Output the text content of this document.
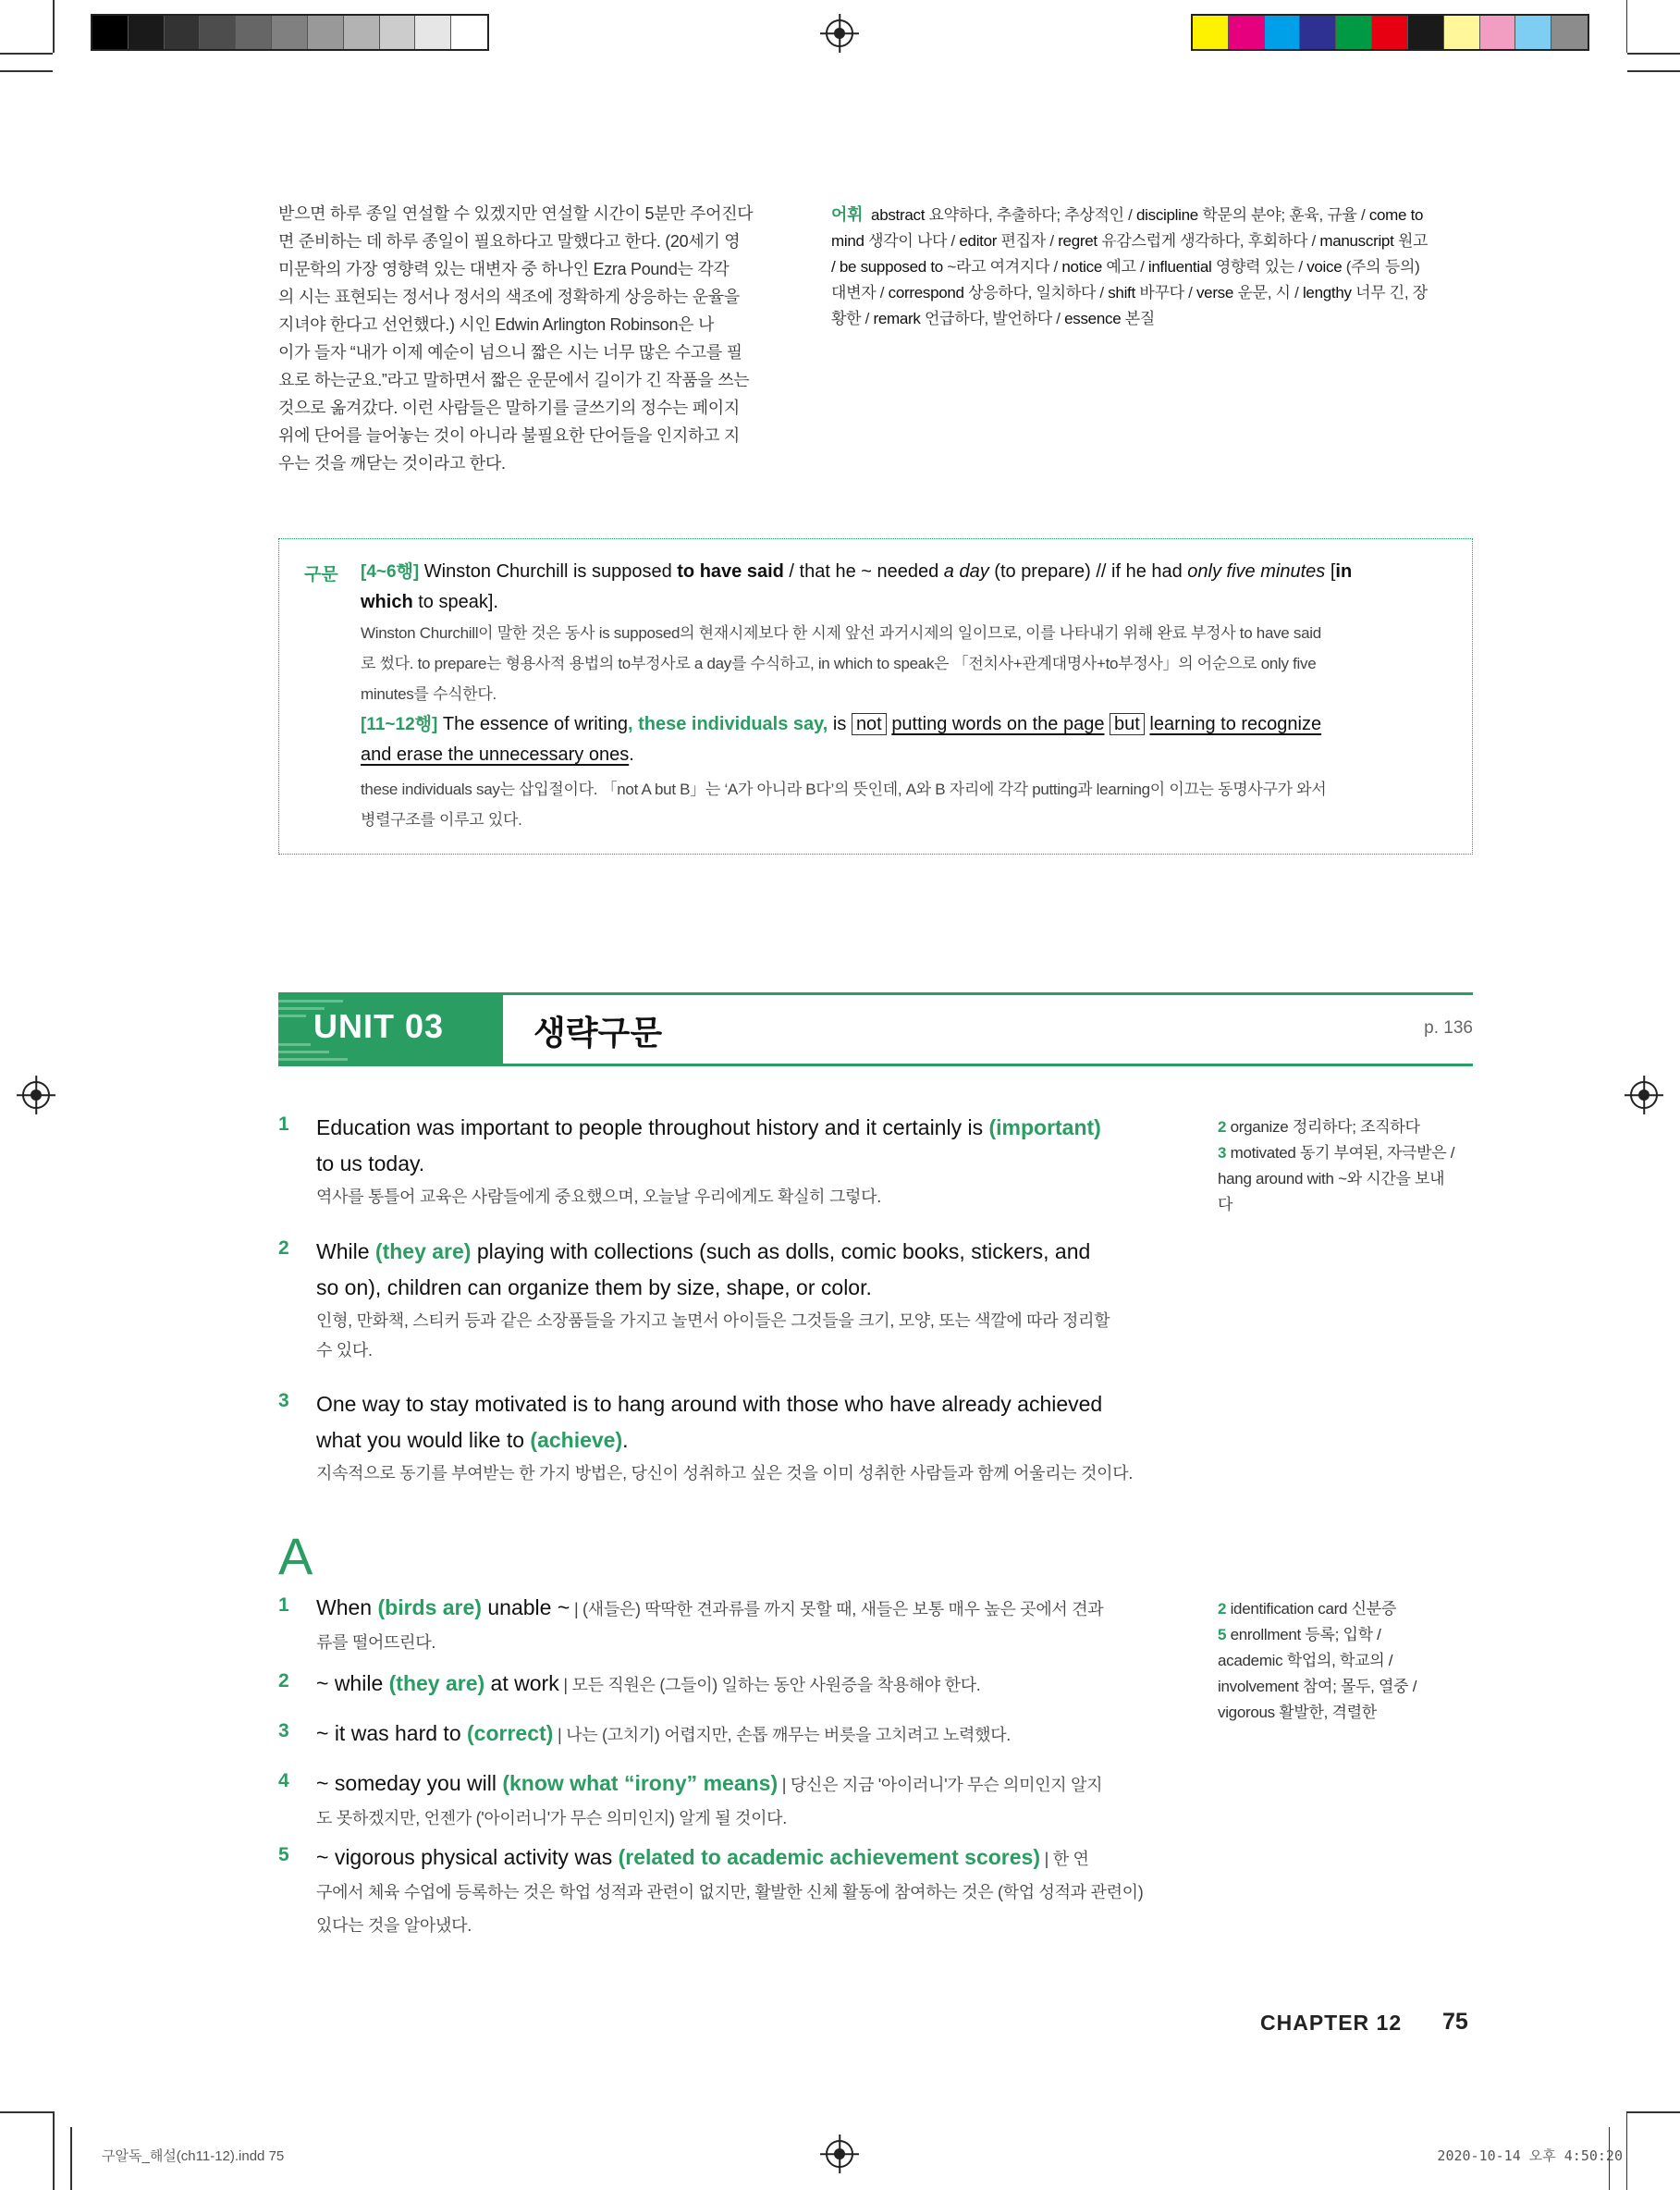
받으면 하루 종일 연설할 수 있겠지만 연설할 시간이 5분만 주어진다
면 준비하는 데 하루 종일이 필요하다고 말했다고 한다. (20세기 영
미문학의 가장 영향력 있는 대변자 중 하나인 Ezra Pound는 각각
의 시는 표현되는 정서나 정서의 색조에 정확하게 상응하는 운율을
지녀야 한다고 선언했다.) 시인 Edwin Arlington Robinson은 나
이가 들자 “내가 이제 예순이 넘으니 짧은 시는 너무 많은 수고를 필
요로 하는군요.”라고 말하면서 짧은 운문에서 길이가 긴 작품을 쓰는
것으로 옮겨갔다. 이런 사람들은 말하기를 글쓰기의 정수는 페이지
위에 단어를 늘어놓는 것이 아니라 불필요한 단어들을 인지하고 지
우는 것을 깨닫는 것이라고 한다.
어휘 abstract 요약하다, 추출하다; 추상적인 / discipline 학문의 분야; 훈육, 규율 / come to
mind 생각이 나다 / editor 편집자 / regret 유감스럽게 생각하다, 후회하다 / manuscript 원고
/ be supposed to ~라고 여겨지다 / notice 예고 / influential 영향력 있는 / voice (주의 등의)
대변자 / correspond 상응하다, 일치하다 / shift 바꾸다 / verse 운문, 시 / lengthy 너무 긴, 장
황한 / remark 언급하다, 발언하다 / essence 본질
구문 [4~6행] Winston Churchill is supposed to have said / that he ~ needed a day (to prepare) // if he had only five minutes [in
which to speak].
Winston Churchill이 말한 것은 동사 is supposed의 현재시제보다 한 시제 앞선 과거시제의 일이므로, 이를 나타내기 위해 완료 부정사 to have said
로 썼다. to prepare는 형용사적 용법의 to부정사로 a day를 수식하고, in which to speak은 「전치사+관계대명사+to부정사」의 어순으로 only five
minutes를 수식한다.
[11~12행] The essence of writing, these individuals say, is not putting words on the page but learning to recognize
and erase the unnecessary ones.
these individuals say는 삽입절이다. 「not A but B」는 ‘A가 아니라 B다’의 뜻인데, A와 B 자리에 각각 putting과 learning이 이끄는 동명사구가 와서
병렬구조를 이루고 있다.
UNIT 03	생략구문	p. 136
1 Education was important to people throughout history and it certainly is (important)
to us today.
역사를 통틀어 교육은 사람들에게 중요했으며, 오늘날 우리에게도 확실히 그렇다.
2 While (they are) playing with collections (such as dolls, comic books, stickers, and
so on), children can organize them by size, shape, or color.
인형, 만화책, 스티커 등과 같은 소장품들을 가지고 놀면서 아이들은 그것들을 크기, 모양, 또는 색깔에 따라 정리할
수 있다.
3 One way to stay motivated is to hang around with those who have already achieved
what you would like to (achieve).
지속적으로 동기를 부여받는 한 가지 방법은, 당신이 성취하고 싶은 것을 이미 성취한 사람들과 함께 어울리는 것이다.
2 organize 정리하다; 조직하다
3 motivated 동기 부여된, 자극받은 /
hang around with ~와 시간을 보내
다
A
1 When (birds are) unable ~ | (새들은) 딱딱한 견과류를 까지 못할 때, 새들은 보통 매우 높은 곳에서 견과
류를 떨어뜨린다.
2 ~ while (they are) at work | 모든 직원은 (그들이) 일하는 동안 사원증을 착용해야 한다.
3 ~ it was hard to (correct) | 나는 (고치기) 어렵지만, 손톱 깨무는 버릇을 고치려고 노력했다.
4 ~ someday you will (know what “irony” means) | 당신은 지금 '아이러니'가 무슨 의미인지 알지
도 못하겠지만, 언젠가 ('아이러니'가 무슨 의미인지) 알게 될 것이다.
5 ~ vigorous physical activity was (related to academic achievement scores) | 한 연
구에서 체육 수업에 등록하는 것은 학업 성적과 관련이 없지만, 활발한 신체 활동에 참여하는 것은 (학업 성적과 관련이)
있다는 것을 알아냈다.
2 identification card 신분증
5 enrollment 등록; 입학 /
academic 학업의, 학교의 /
involvement 참여; 몰두, 열중 /
vigorous 활발한, 격렬한
CHAPTER 12 75
구알독_해설(ch11-12).indd 75	2020-10-14 오후 4:50:20
